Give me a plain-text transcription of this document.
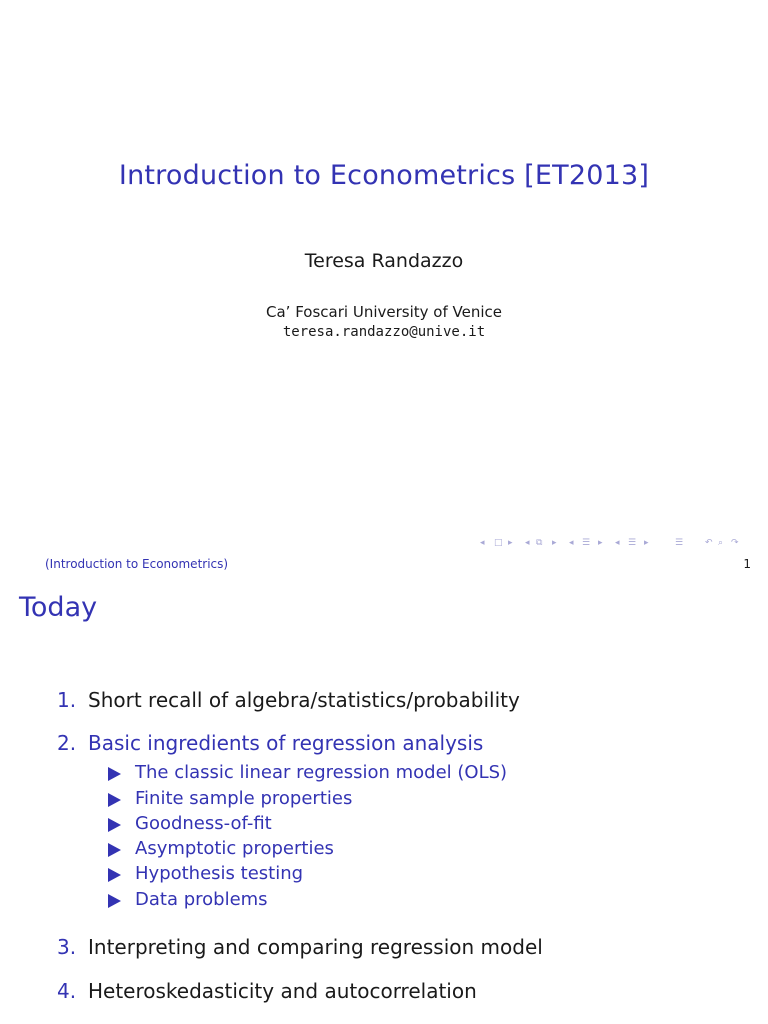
Introduction to Econometrics [ET2013]
Teresa Randazzo
Ca’ Foscari University of Venice
teresa.randazzo@unive.it
◂ □ ▸ ◂ ⧉ ▸ ◂ ☰ ▸ ◂ ☰ ▸	☰ ↶ ⌕ ↷
(Introduction to Econometrics)	1
Today
1. Short recall of algebra/statistics/probability
2. Basic ingredients of regression analysis
The classic linear regression model (OLS)
Finite sample properties
Goodness-of-fit
Asymptotic properties
Hypothesis testing
Data problems
3. Interpreting and comparing regression model
4. Heteroskedasticity and autocorrelation
